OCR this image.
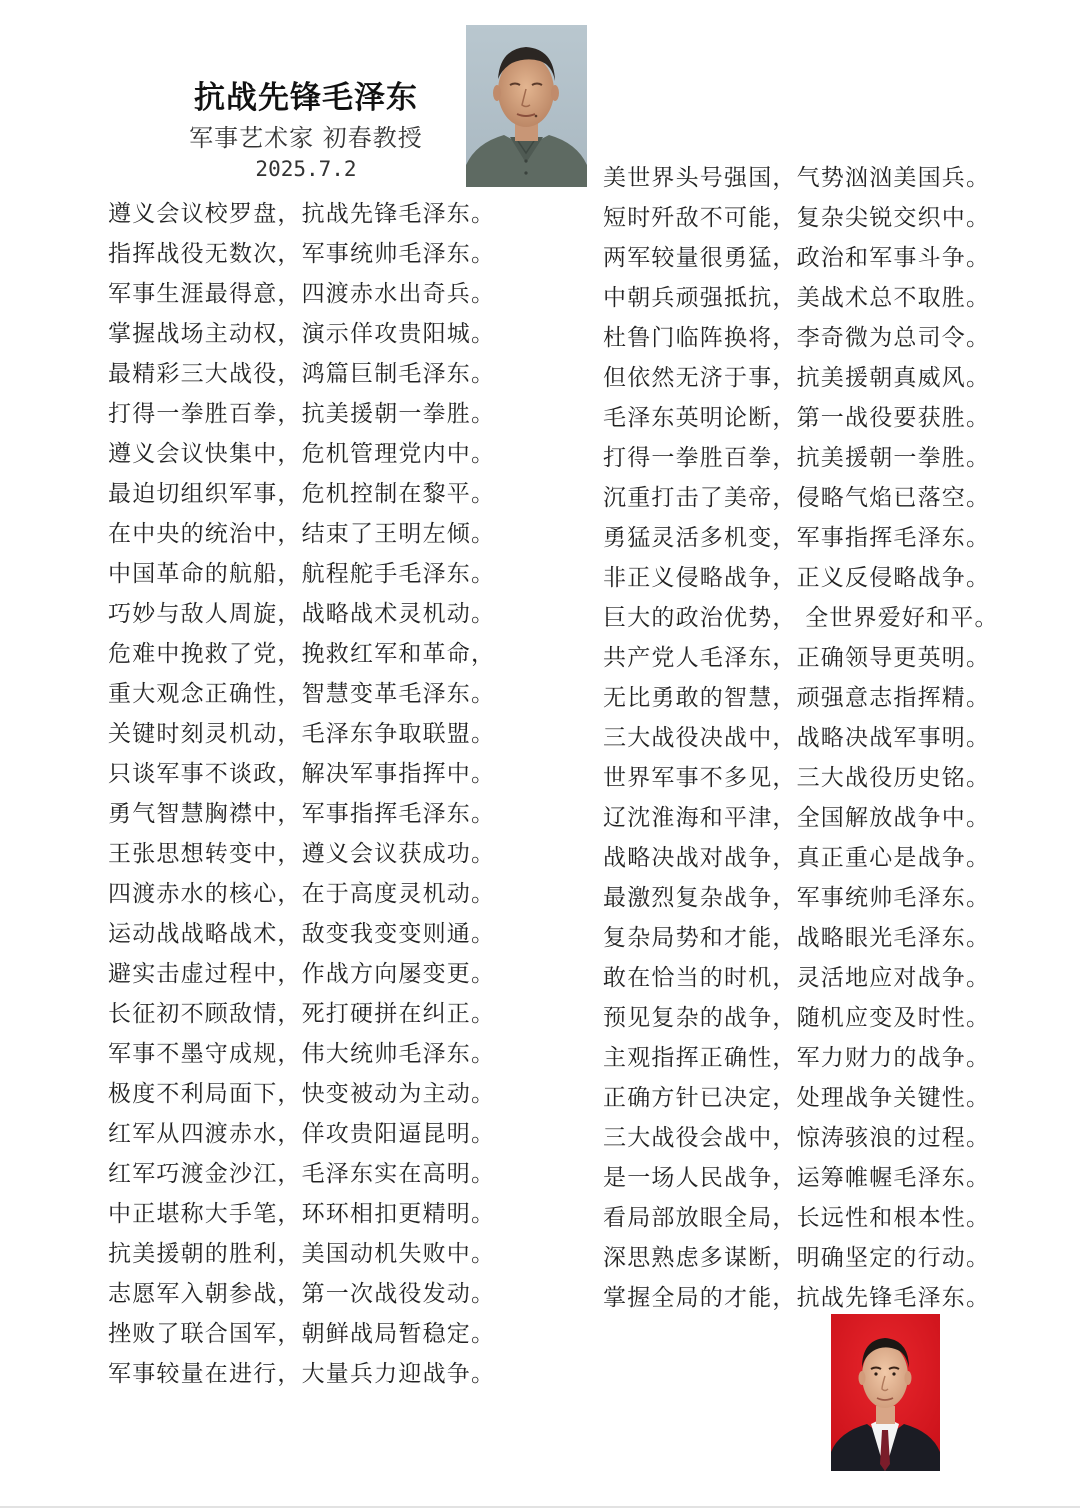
抗战先锋毛泽东
军事艺术家 初春教授
2025.7.2
遵义会议校罗盘，抗战先锋毛泽东。
指挥战役无数次，军事统帅毛泽东。
军事生涯最得意，四渡赤水出奇兵。
掌握战场主动权，演示佯攻贵阳城。
最精彩三大战役，鸿篇巨制毛泽东。
打得一拳胜百拳，抗美援朝一拳胜。
遵义会议快集中，危机管理党内中。
最迫切组织军事，危机控制在黎平。
在中央的统治中，结束了王明左倾。
中国革命的航船，航程舵手毛泽东。
巧妙与敌人周旋，战略战术灵机动。
危难中挽救了党，挽救红军和革命，
重大观念正确性，智慧变革毛泽东。
关键时刻灵机动，毛泽东争取联盟。
只谈军事不谈政，解决军事指挥中。
勇气智慧胸襟中，军事指挥毛泽东。
王张思想转变中，遵义会议获成功。
四渡赤水的核心，在于高度灵机动。
运动战战略战术，敌变我变变则通。
避实击虚过程中，作战方向屡变更。
长征初不顾敌情，死打硬拼在纠正。
军事不墨守成规，伟大统帅毛泽东。
极度不利局面下，快变被动为主动。
红军从四渡赤水，佯攻贵阳逼昆明。
红军巧渡金沙江，毛泽东实在高明。
中正堪称大手笔，环环相扣更精明。
抗美援朝的胜利，美国动机失败中。
志愿军入朝参战，第一次战役发动。
挫败了联合国军，朝鲜战局暂稳定。
军事较量在进行，大量兵力迎战争。
美世界头号强国，气势汹汹美国兵。
短时歼敌不可能，复杂尖锐交织中。
两军较量很勇猛，政治和军事斗争。
中朝兵顽强抵抗，美战术总不取胜。
杜鲁门临阵换将，李奇微为总司令。
但依然无济于事，抗美援朝真威风。
毛泽东英明论断，第一战役要获胜。
打得一拳胜百拳，抗美援朝一拳胜。
沉重打击了美帝，侵略气焰已落空。
勇猛灵活多机变，军事指挥毛泽东。
非正义侵略战争，正义反侵略战争。
巨大的政治优势， 全世界爱好和平。
共产党人毛泽东，正确领导更英明。
无比勇敢的智慧，顽强意志指挥精。
三大战役决战中，战略决战军事明。
世界军事不多见，三大战役历史铭。
辽沈淮海和平津，全国解放战争中。
战略决战对战争，真正重心是战争。
最激烈复杂战争，军事统帅毛泽东。
复杂局势和才能，战略眼光毛泽东。
敢在恰当的时机，灵活地应对战争。
预见复杂的战争，随机应变及时性。
主观指挥正确性，军力财力的战争。
正确方针已决定，处理战争关键性。
三大战役会战中，惊涛骇浪的过程。
是一场人民战争，运筹帷幄毛泽东。
看局部放眼全局，长远性和根本性。
深思熟虑多谋断，明确坚定的行动。
掌握全局的才能，抗战先锋毛泽东。
